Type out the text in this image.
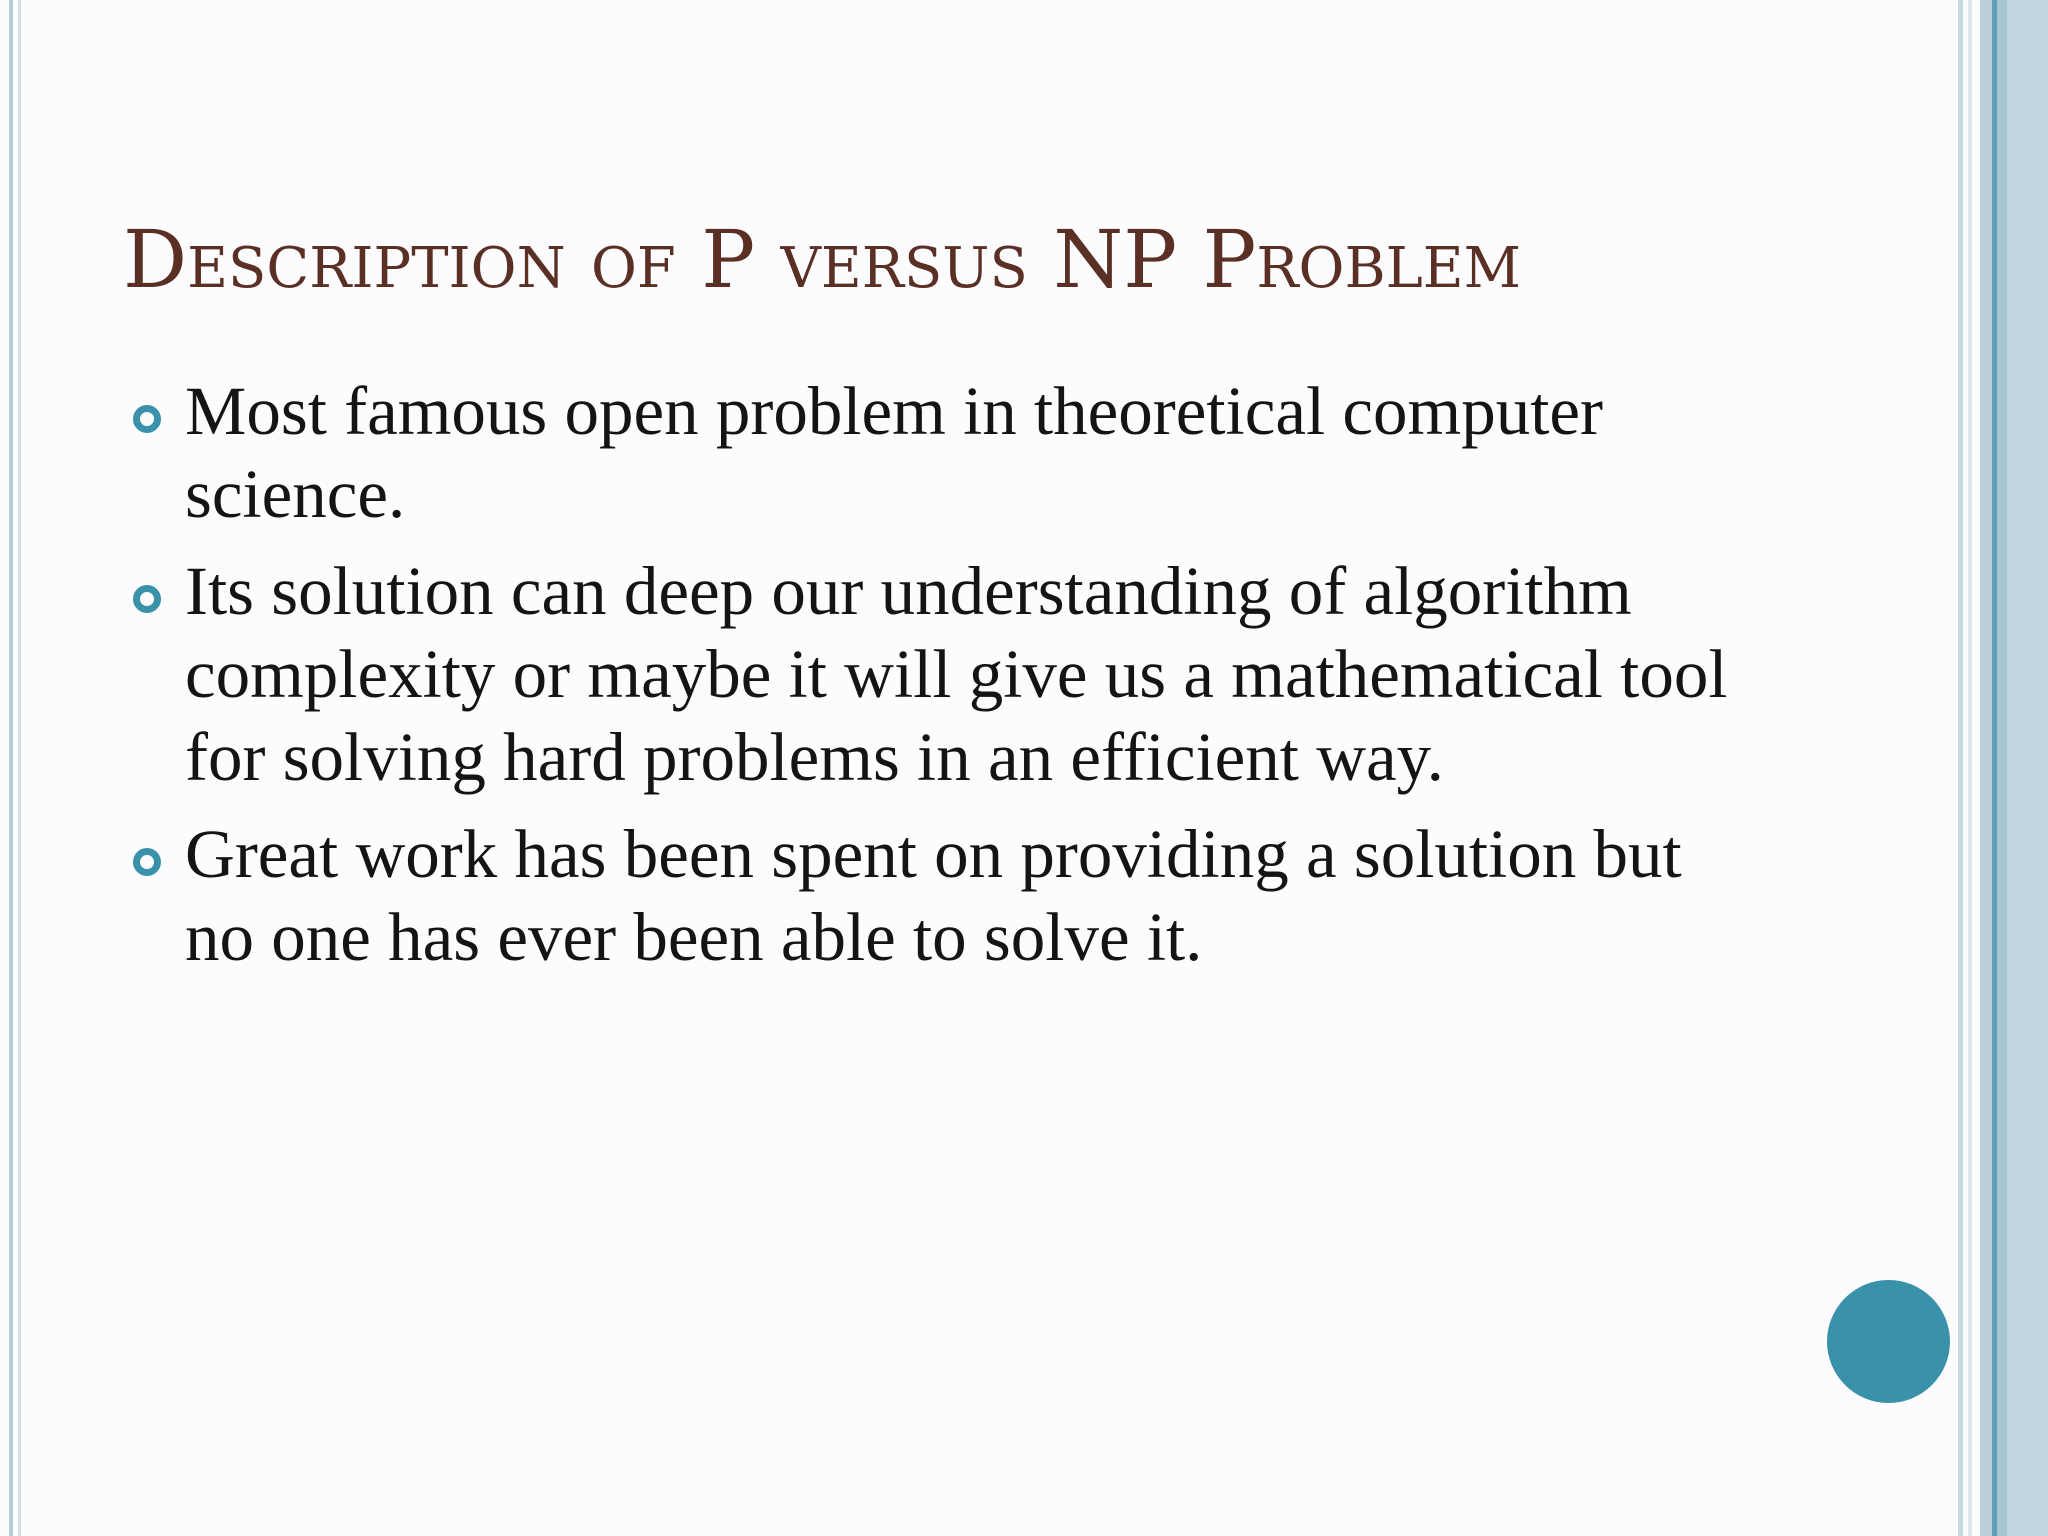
Description of P versus NP Problem
Most famous open problem in theoretical computer science.
Its solution can deep our understanding of algorithm complexity or maybe it will give us a mathematical tool for solving hard problems in an efficient way.
Great work has been spent on providing a solution but no one has ever been able to solve it.
